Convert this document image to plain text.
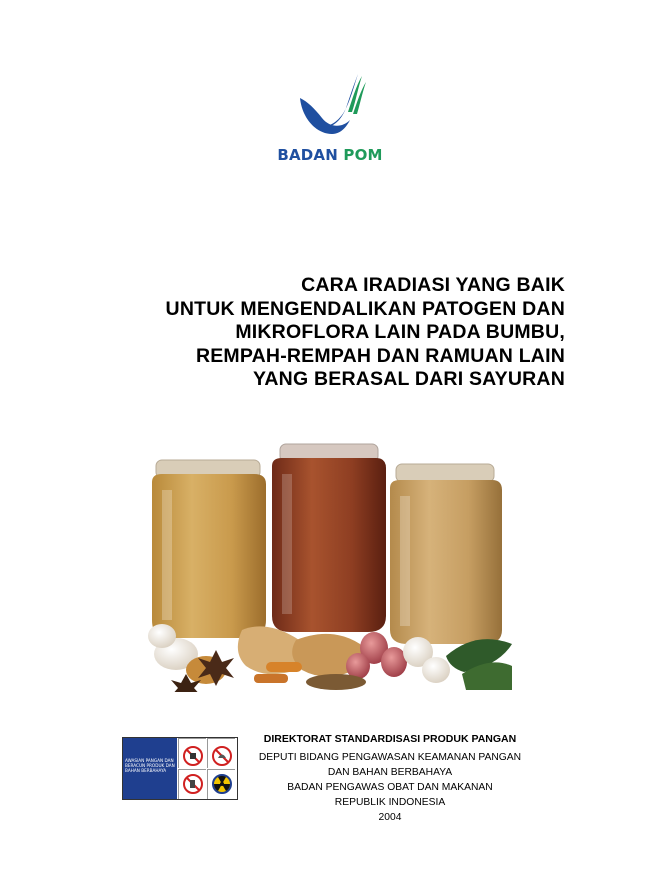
BADAN POM
CARA IRADIASI YANG BAIK
UNTUK MENGENDALIKAN PATOGEN DAN
MIKROFLORA LAIN PADA BUMBU,
REMPAH-REMPAH DAN RAMUAN LAIN
YANG BERASAL DARI SAYURAN
AWASIAN PANGAN DAN BERACUN PRODUK DAN BAHAN BERBAHAYA
DIREKTORAT STANDARDISASI PRODUK PANGAN
DEPUTI BIDANG PENGAWASAN KEAMANAN PANGAN
DAN BAHAN BERBAHAYA
BADAN PENGAWAS OBAT DAN MAKANAN
REPUBLIK INDONESIA
2004
